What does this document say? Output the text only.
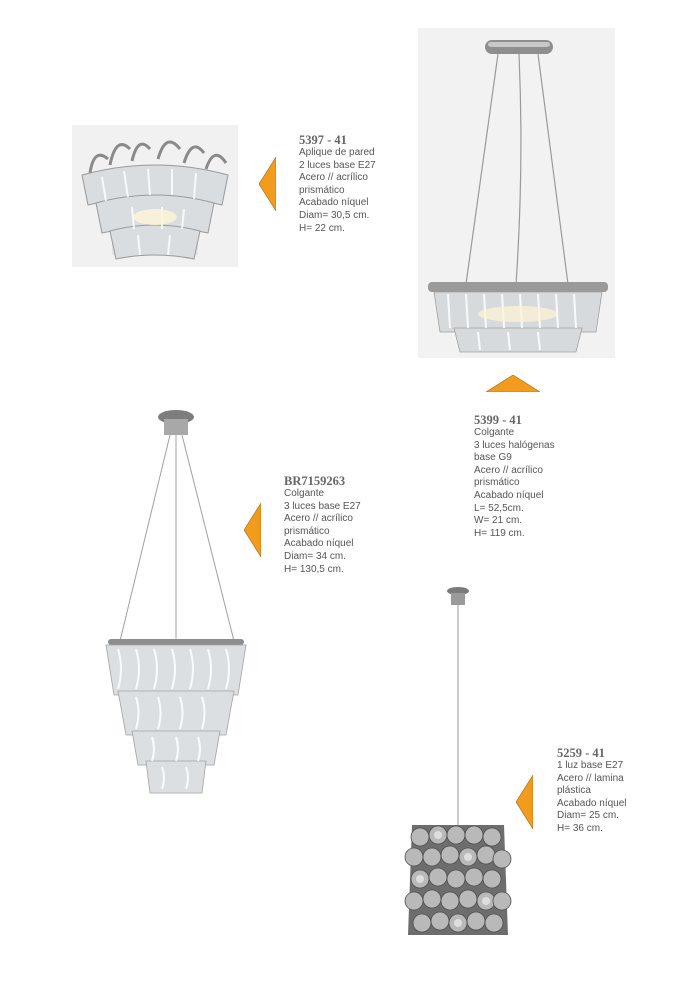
5397 - 41
Aplique de pared
2 luces base E27
Acero // acrílico
prismático
Acabado níquel
Diam= 30,5 cm.
H= 22 cm.
5399 - 41
Colgante
3 luces halógenas
base G9
Acero // acrílico
prismático
Acabado níquel
L= 52,5cm.
W= 21 cm.
H= 119 cm.
BR7159263
Colgante
3 luces base E27
Acero // acrílico
prismático
Acabado níquel
Diam= 34 cm.
H= 130,5 cm.
5259 - 41
1 luz base E27
Acero // lamina
plástica
Acabado níquel
Diam= 25 cm.
H= 36 cm.
